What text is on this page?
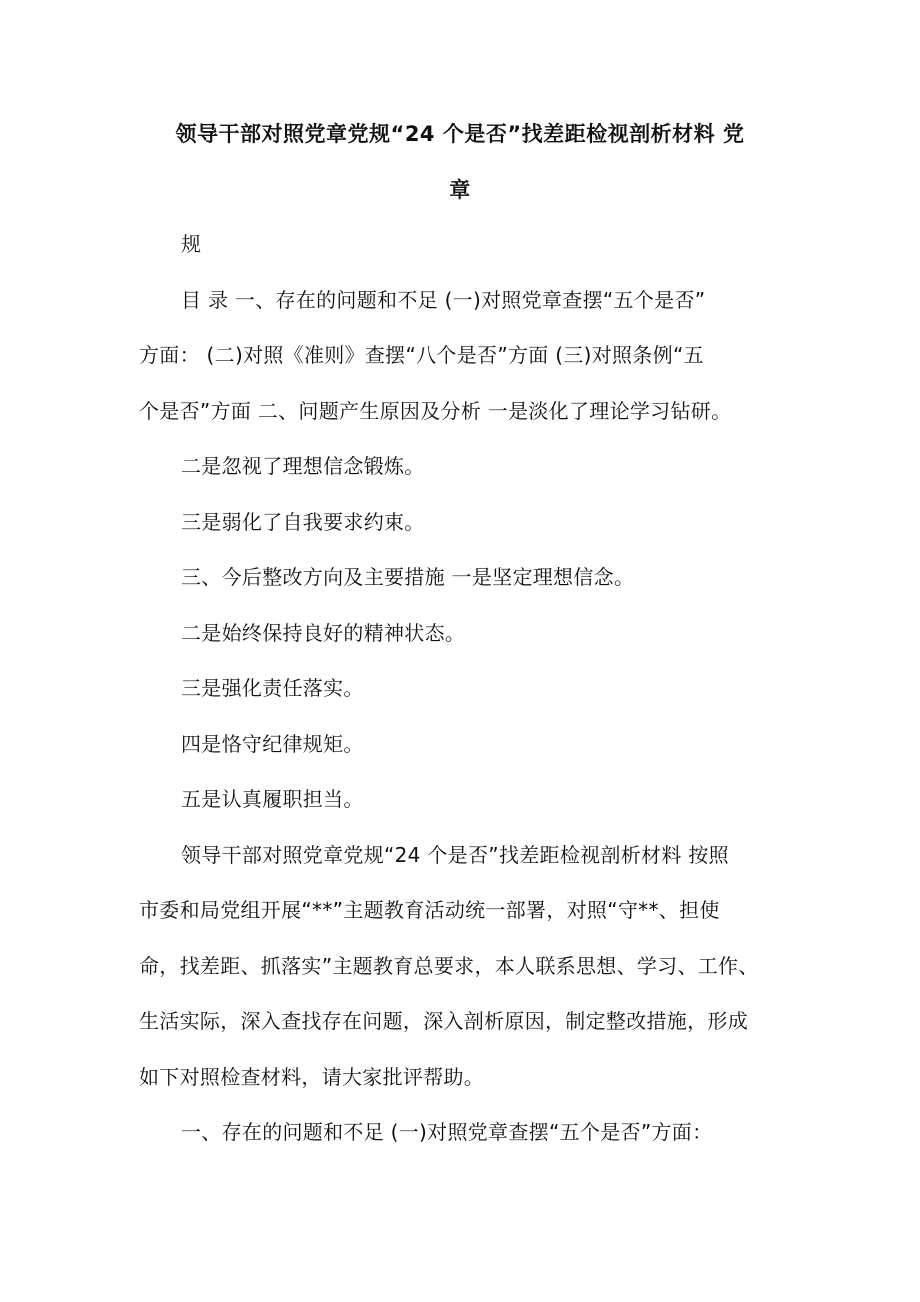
领导干部对照党章党规“24 个是否”找差距检视剖析材料 党
章
规
目 录 一、存在的问题和不足 (一)对照党章查摆“五个是否”
方面： (二)对照《准则》查摆“八个是否”方面 (三)对照条例“五
个是否”方面 二、问题产生原因及分析 一是淡化了理论学习钻研。
二是忽视了理想信念锻炼。
三是弱化了自我要求约束。
三、今后整改方向及主要措施 一是坚定理想信念。
二是始终保持良好的精神状态。
三是强化责任落实。
四是恪守纪律规矩。
五是认真履职担当。
领导干部对照党章党规“24 个是否”找差距检视剖析材料 按照
市委和局党组开展“**”主题教育活动统一部署，对照“守**、担使
命，找差距、抓落实”主题教育总要求，本人联系思想、学习、工作、
生活实际，深入查找存在问题，深入剖析原因，制定整改措施，形成
如下对照检查材料，请大家批评帮助。
一、存在的问题和不足 (一)对照党章查摆“五个是否”方面：
